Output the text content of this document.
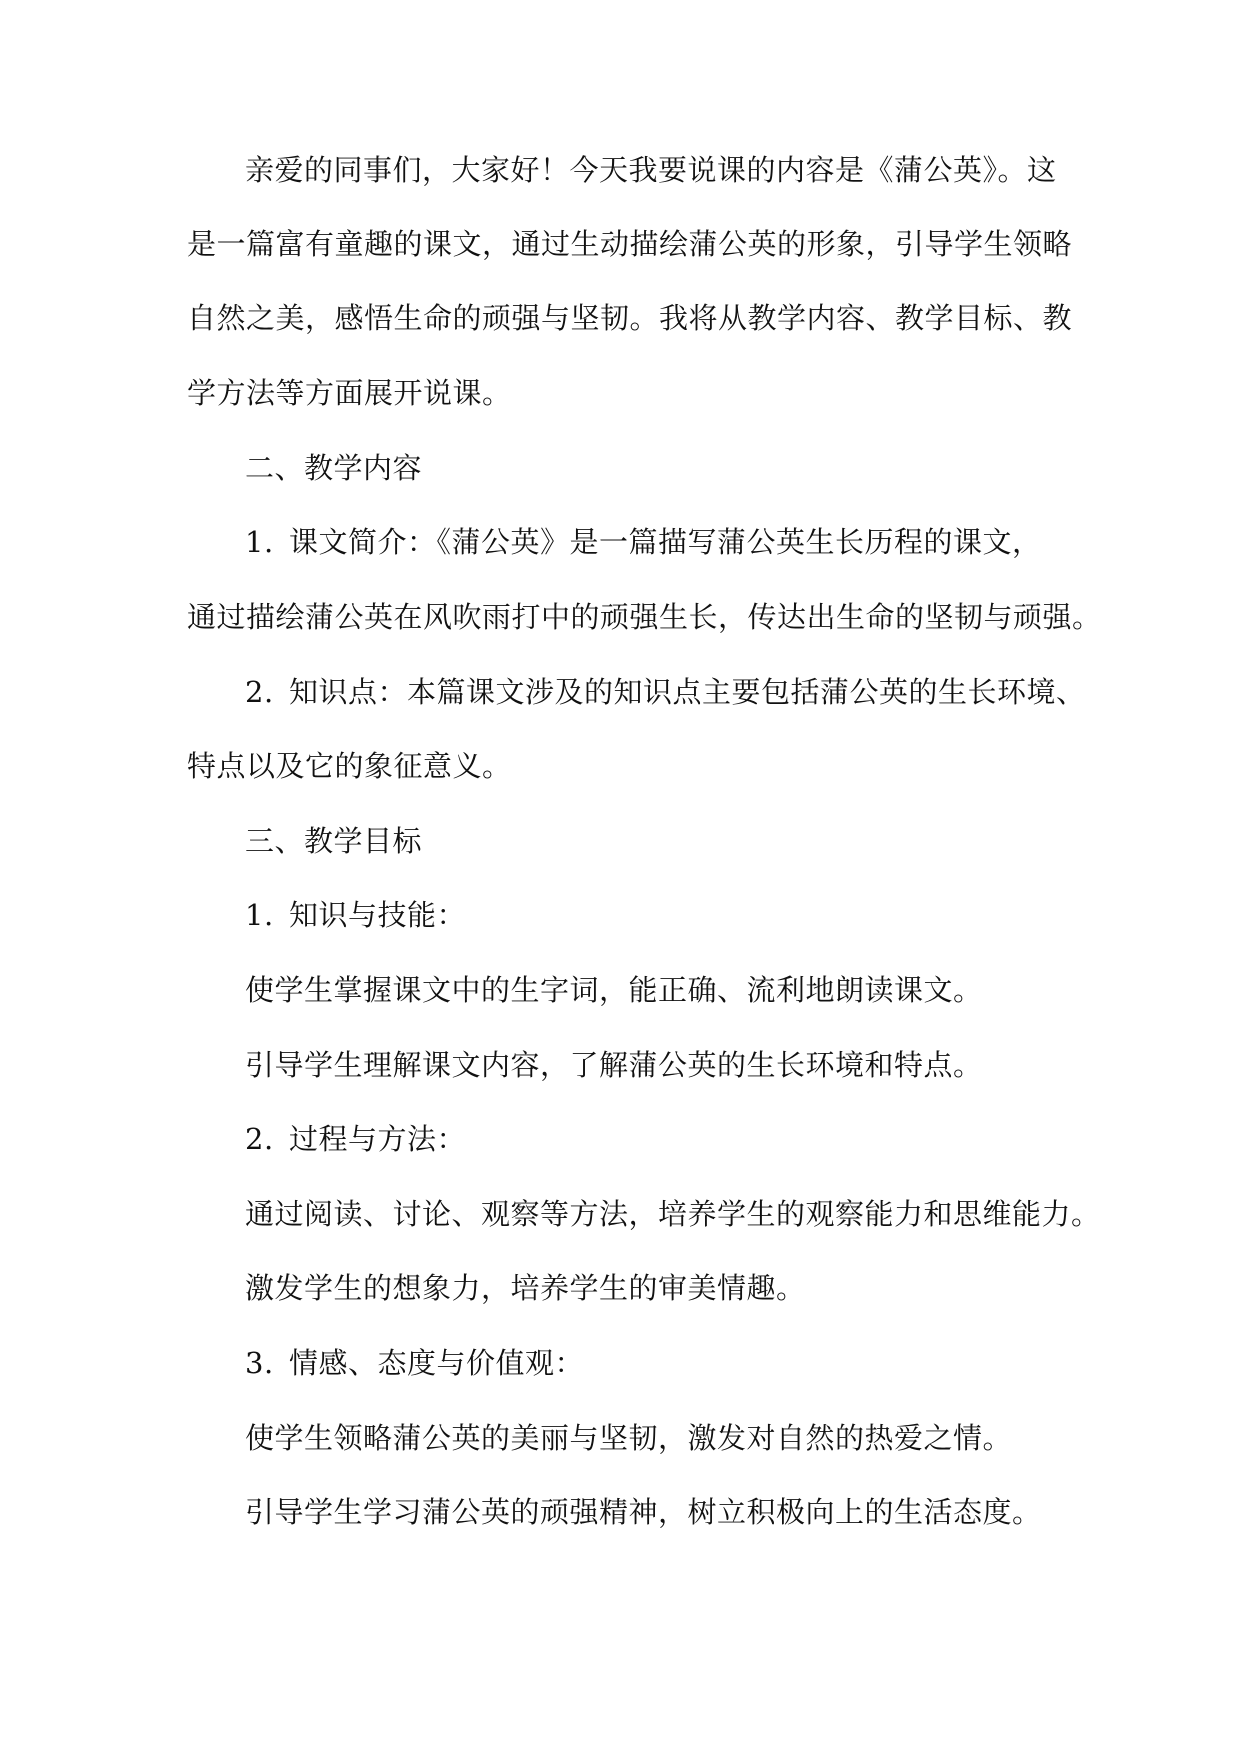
亲爱的同事们，大家好！今天我要说课的内容是《蒲公英》。这
是一篇富有童趣的课文，通过生动描绘蒲公英的形象，引导学生领略
自然之美，感悟生命的顽强与坚韧。我将从教学内容、教学目标、教
学方法等方面展开说课。
二、教学内容
1. 课文简介：《蒲公英》是一篇描写蒲公英生长历程的课文，
通过描绘蒲公英在风吹雨打中的顽强生长，传达出生命的坚韧与顽强。
2. 知识点：本篇课文涉及的知识点主要包括蒲公英的生长环境、
特点以及它的象征意义。
三、教学目标
1. 知识与技能：
使学生掌握课文中的生字词，能正确、流利地朗读课文。
引导学生理解课文内容，了解蒲公英的生长环境和特点。
2. 过程与方法：
通过阅读、讨论、观察等方法，培养学生的观察能力和思维能力。
激发学生的想象力，培养学生的审美情趣。
3. 情感、态度与价值观：
使学生领略蒲公英的美丽与坚韧，激发对自然的热爱之情。
引导学生学习蒲公英的顽强精神，树立积极向上的生活态度。
